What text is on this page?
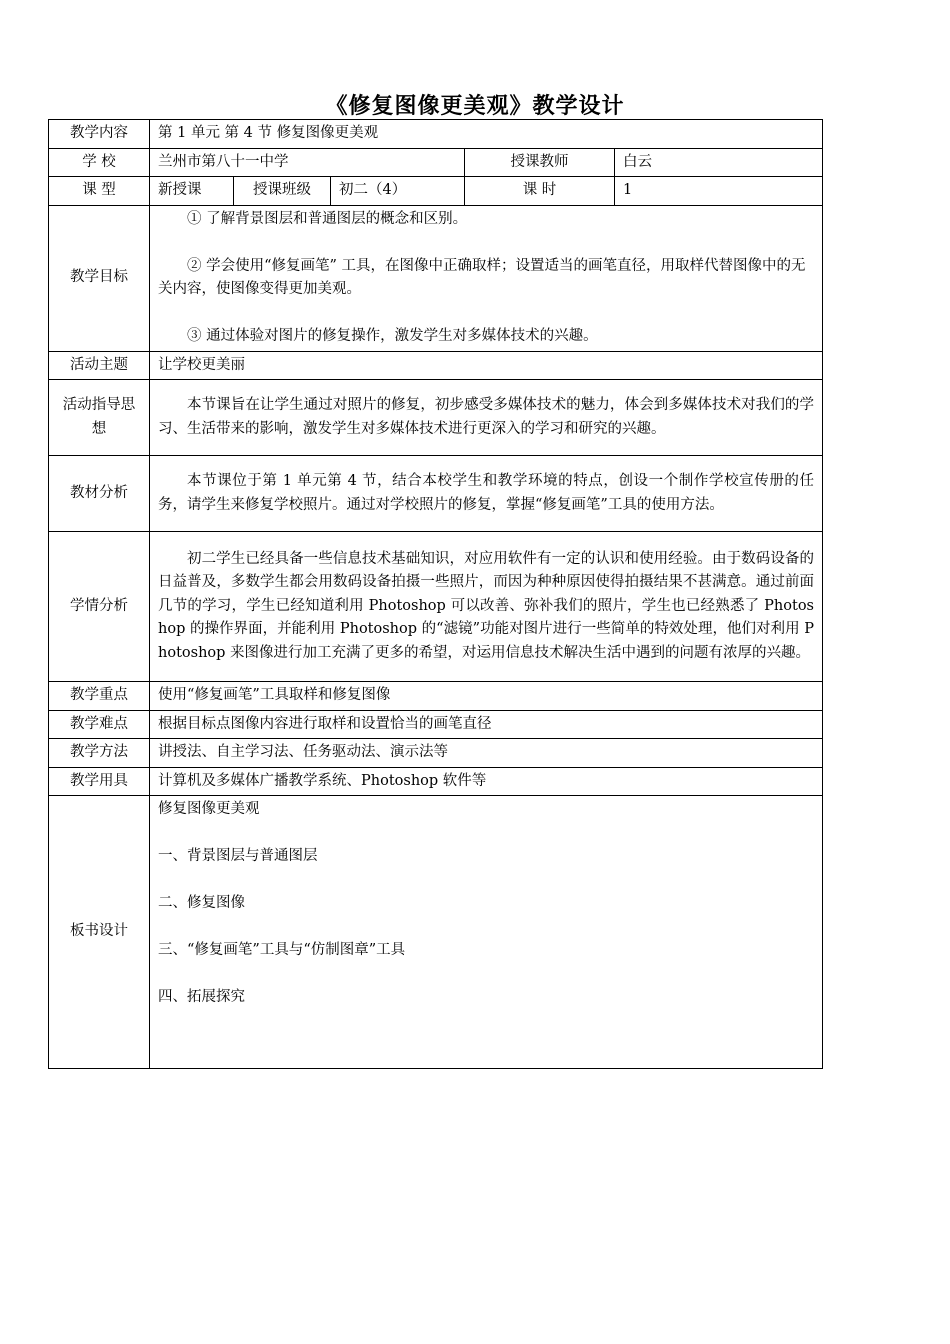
《修复图像更美观》教学设计
教学内容	第 1 单元 第 4 节 修复图像更美观				
学 校	兰州市第八十一中学			授课教师	白云
课 型	新授课	授课班级	初二（4）	课 时	1
教学目标	① 了解背景图层和普通图层的概念和区别。

② 学会使用“修复画笔” 工具，在图像中正确取样；设置适当的画笔直径，用取样代替图像中的无关内容，使图像变得更加美观。

③ 通过体验对图片的修复操作，激发学生对多媒体技术的兴趣。				

活动主题	让学校更美丽				
活动指导思想	本节课旨在让学生通过对照片的修复，初步感受多媒体技术的魅力，体会到多媒体技术对我们的学习、生活带来的影响，激发学生对多媒体技术进行更深入的学习和研究的兴趣。				

教材分析	本节课位于第 1 单元第 4 节，结合本校学生和教学环境的特点，创设一个制作学校宣传册的任务，请学生来修复学校照片。通过对学校照片的修复，掌握“修复画笔”工具的使用方法。				

学情分析	初二学生已经具备一些信息技术基础知识，对应用软件有一定的认识和使用经验。由于数码设备的日益普及，多数学生都会用数码设备拍摄一些照片，而因为种种原因使得拍摄结果不甚满意。通过前面几节的学习，学生已经知道利用 Photoshop 可以改善、弥补我们的照片，学生也已经熟悉了 Photoshop 的操作界面，并能利用 Photoshop 的“滤镜”功能对图片进行一些简单的特效处理，他们对利用 Photoshop 来图像进行加工充满了更多的希望，对运用信息技术解决生活中遇到的问题有浓厚的兴趣。				

教学重点	使用“修复画笔”工具取样和修复图像				
教学难点	根据目标点图像内容进行取样和设置恰当的画笔直径				
教学方法	讲授法、自主学习法、任务驱动法、演示法等				
教学用具	计算机及多媒体广播教学系统、Photoshop 软件等				
板书设计	修复图像更美观

一、背景图层与普通图层

二、修复图像

三、“修复画笔”工具与“仿制图章”工具

四、拓展探究				
